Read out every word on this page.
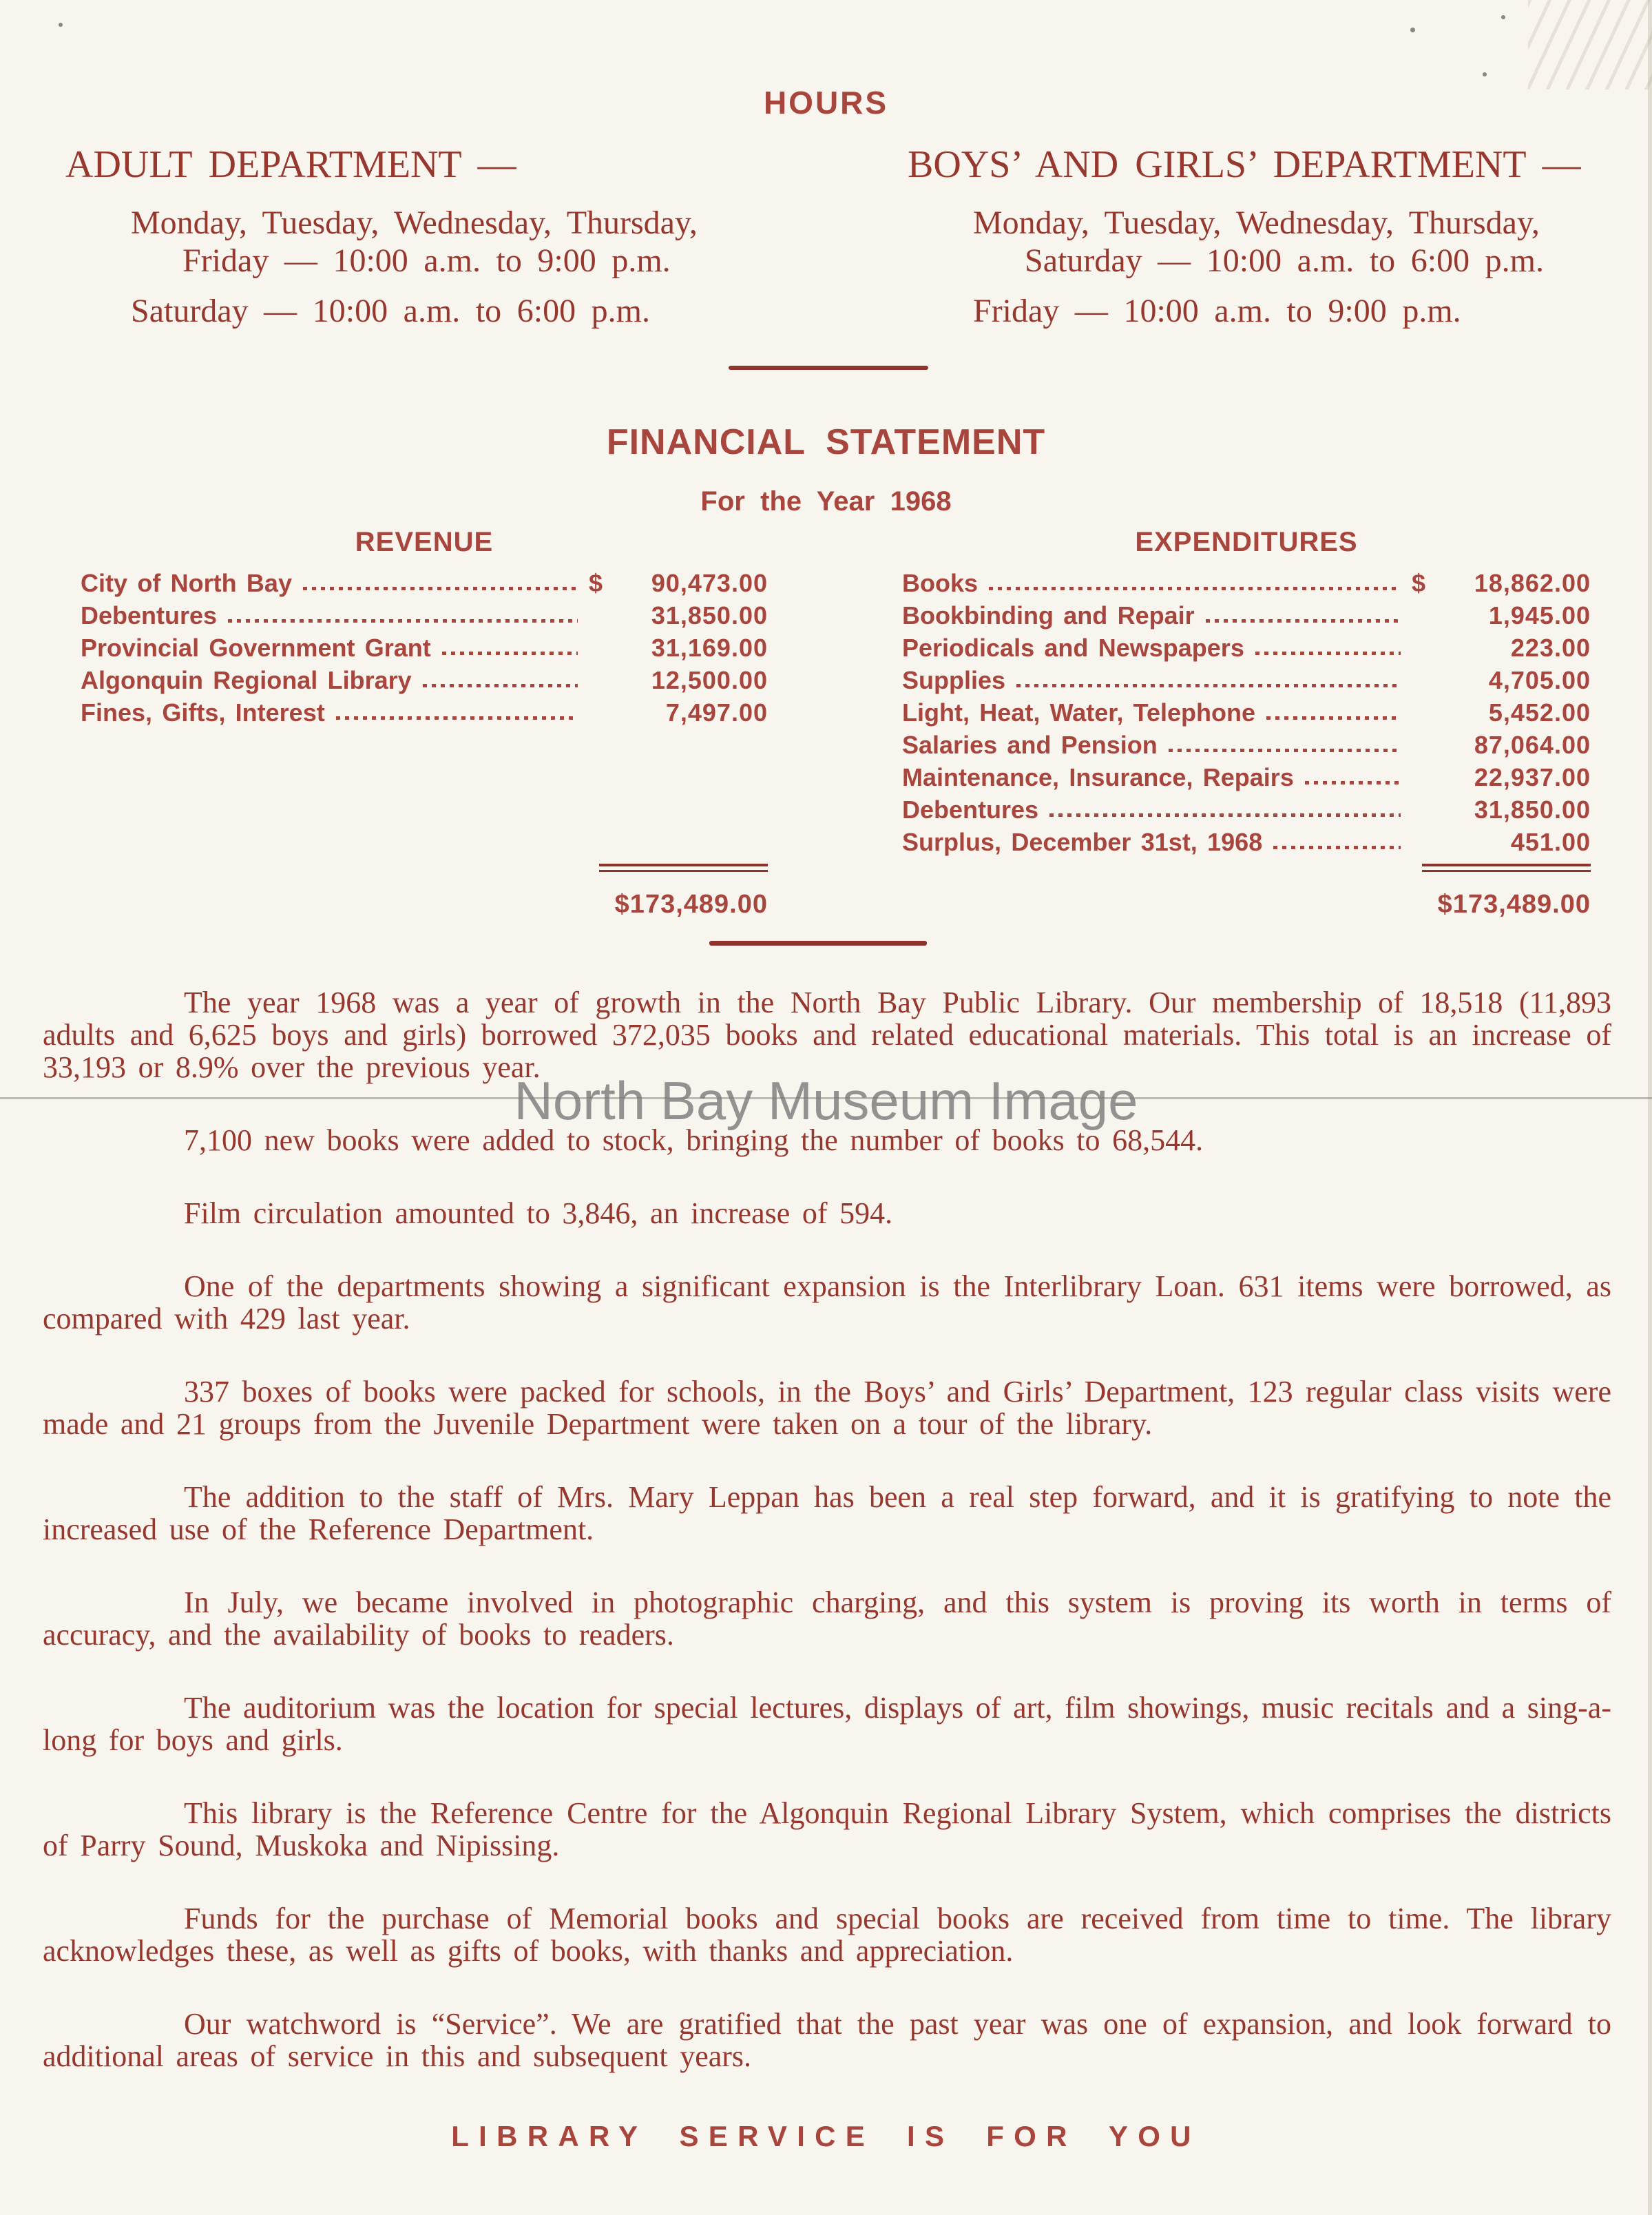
HOURS
ADULT DEPARTMENT —
Monday, Tuesday, Wednesday, Thursday,
Friday — 10:00 a.m. to 9:00 p.m.
Saturday — 10:00 a.m. to 6:00 p.m.
BOYS’ AND GIRLS’ DEPARTMENT —
Monday, Tuesday, Wednesday, Thursday,
Saturday — 10:00 a.m. to 6:00 p.m.
Friday — 10:00 a.m. to 9:00 p.m.
FINANCIAL STATEMENT
For the Year 1968
REVENUE
City of North Bay	$	90,473.00
Debentures	31,850.00
Provincial Government Grant	31,169.00
Algonquin Regional Library	12,500.00
Fines, Gifts, Interest	7,497.00
$173,489.00
EXPENDITURES
Books	$	18,862.00
Bookbinding and Repair	1,945.00
Periodicals and Newspapers	223.00
Supplies	4,705.00
Light, Heat, Water, Telephone	5,452.00
Salaries and Pension	87,064.00
Maintenance, Insurance, Repairs	22,937.00
Debentures	31,850.00
Surplus, December 31st, 1968	451.00
$173,489.00

The year 1968 was a year of growth in the North Bay Public Library. Our membership of 18,518 (11,893 adults and 6,625 boys and girls) borrowed 372,035 books and related educational materials. This total is an increase of 33,193 or 8.9% over the previous year.

7,100 new books were added to stock, bringing the number of books to 68,544.

Film circulation amounted to 3,846, an increase of 594.

One of the departments showing a significant expansion is the Interlibrary Loan. 631 items were borrowed, as compared with 429 last year.

337 boxes of books were packed for schools, in the Boys’ and Girls’ Department, 123 regular class visits were made and 21 groups from the Juvenile Department were taken on a tour of the library.

The addition to the staff of Mrs. Mary Leppan has been a real step forward, and it is gratifying to note the increased use of the Reference Department.

In July, we became involved in photographic charging, and this system is proving its worth in terms of accuracy, and the availability of books to readers.

The auditorium was the location for special lectures, displays of art, film showings, music recitals and a sing-a-long for boys and girls.

This library is the Reference Centre for the Algonquin Regional Library System, which comprises the districts of Parry Sound, Muskoka and Nipissing.

Funds for the purchase of Memorial books and special books are received from time to time. The library acknowledges these, as well as gifts of books, with thanks and appreciation.

Our watchword is “Service”. We are gratified that the past year was one of expansion, and look forward to additional areas of service in this and subsequent years.

North Bay Museum Image
LIBRARY SERVICE IS FOR YOU
